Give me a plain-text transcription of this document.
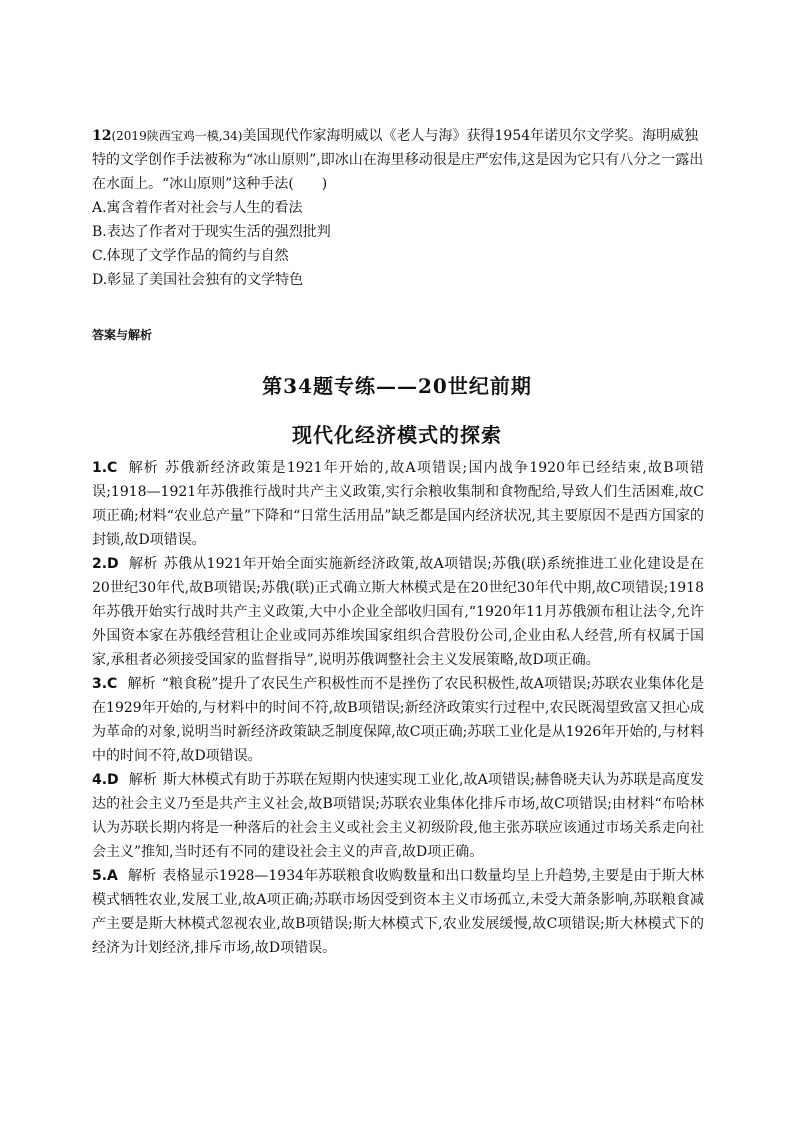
12(2019陕西宝鸡一模,34)美国现代作家海明威以《老人与海》获得1954年诺贝尔文学奖。海明威独特的文学创作手法被称为“冰山原则”,即冰山在海里移动很是庄严宏伟,这是因为它只有八分之一露出在水面上。“冰山原则”这种手法(　　)

A.寓含着作者对社会与人生的看法

B.表达了作者对于现实生活的强烈批判

C.体现了文学作品的简约与自然

D.彰显了美国社会独有的文学特色

答案与解析
第34题专练——20世纪前期
现代化经济模式的探索

1.C 解析 苏俄新经济政策是1921年开始的,故A项错误;国内战争1920年已经结束,故B项错误;1918—1921年苏俄推行战时共产主义政策,实行余粮收集制和食物配给,导致人们生活困难,故C项正确;材料“农业总产量”下降和“日常生活用品”缺乏都是国内经济状况,其主要原因不是西方国家的封锁,故D项错误。

2.D 解析 苏俄从1921年开始全面实施新经济政策,故A项错误;苏俄(联)系统推进工业化建设是在20世纪30年代,故B项错误;苏俄(联)正式确立斯大林模式是在20世纪30年代中期,故C项错误;1918年苏俄开始实行战时共产主义政策,大中小企业全部收归国有,“1920年11月苏俄颁布租让法令,允许外国资本家在苏俄经营租让企业或同苏维埃国家组织合营股份公司,企业由私人经营,所有权属于国家,承租者必须接受国家的监督指导”,说明苏俄调整社会主义发展策略,故D项正确。

3.C 解析 “粮食税”提升了农民生产积极性而不是挫伤了农民积极性,故A项错误;苏联农业集体化是在1929年开始的,与材料中的时间不符,故B项错误;新经济政策实行过程中,农民既渴望致富又担心成为革命的对象,说明当时新经济政策缺乏制度保障,故C项正确;苏联工业化是从1926年开始的,与材料中的时间不符,故D项错误。

4.D 解析 斯大林模式有助于苏联在短期内快速实现工业化,故A项错误;赫鲁晓夫认为苏联是高度发达的社会主义乃至是共产主义社会,故B项错误;苏联农业集体化排斥市场,故C项错误;由材料“布哈林认为苏联长期内将是一种落后的社会主义或社会主义初级阶段,他主张苏联应该通过市场关系走向社会主义”推知,当时还有不同的建设社会主义的声音,故D项正确。

5.A 解析 表格显示1928—1934年苏联粮食收购数量和出口数量均呈上升趋势,主要是由于斯大林模式牺牲农业,发展工业,故A项正确;苏联市场因受到资本主义市场孤立,未受大萧条影响,苏联粮食减产主要是斯大林模式忽视农业,故B项错误;斯大林模式下,农业发展缓慢,故C项错误;斯大林模式下的经济为计划经济,排斥市场,故D项错误。
